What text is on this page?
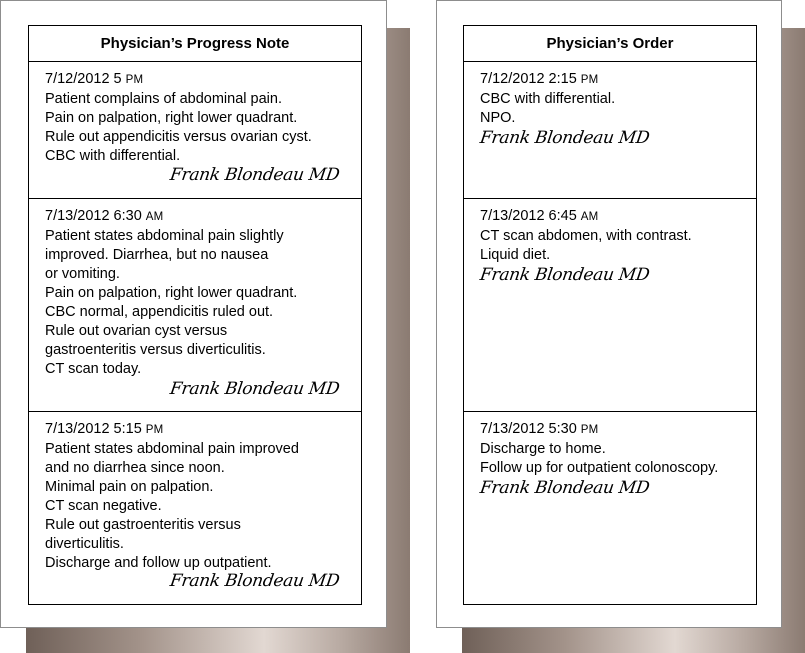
Physician’s Progress Note
7/12/2012 5 PM
Patient complains of abdominal pain.
Pain on palpation, right lower quadrant.
Rule out appendicitis versus ovarian cyst.
CBC with differential.
Frank Blondeau MD
7/13/2012 6:30 AM
Patient states abdominal pain slightly
improved. Diarrhea, but no nausea
or vomiting.
Pain on palpation, right lower quadrant.
CBC normal, appendicitis ruled out.
Rule out ovarian cyst versus
gastroenteritis versus diverticulitis.
CT scan today.
Frank Blondeau MD
7/13/2012 5:15 PM
Patient states abdominal pain improved
and no diarrhea since noon.
Minimal pain on palpation.
CT scan negative.
Rule out gastroenteritis versus
diverticulitis.
Discharge and follow up outpatient.
Frank Blondeau MD
Physician’s Order
7/12/2012 2:15 PM
CBC with differential.
NPO.
Frank Blondeau MD
7/13/2012 6:45 AM
CT scan abdomen, with contrast.
Liquid diet.
Frank Blondeau MD
7/13/2012 5:30 PM
Discharge to home.
Follow up for outpatient colonoscopy.
Frank Blondeau MD
